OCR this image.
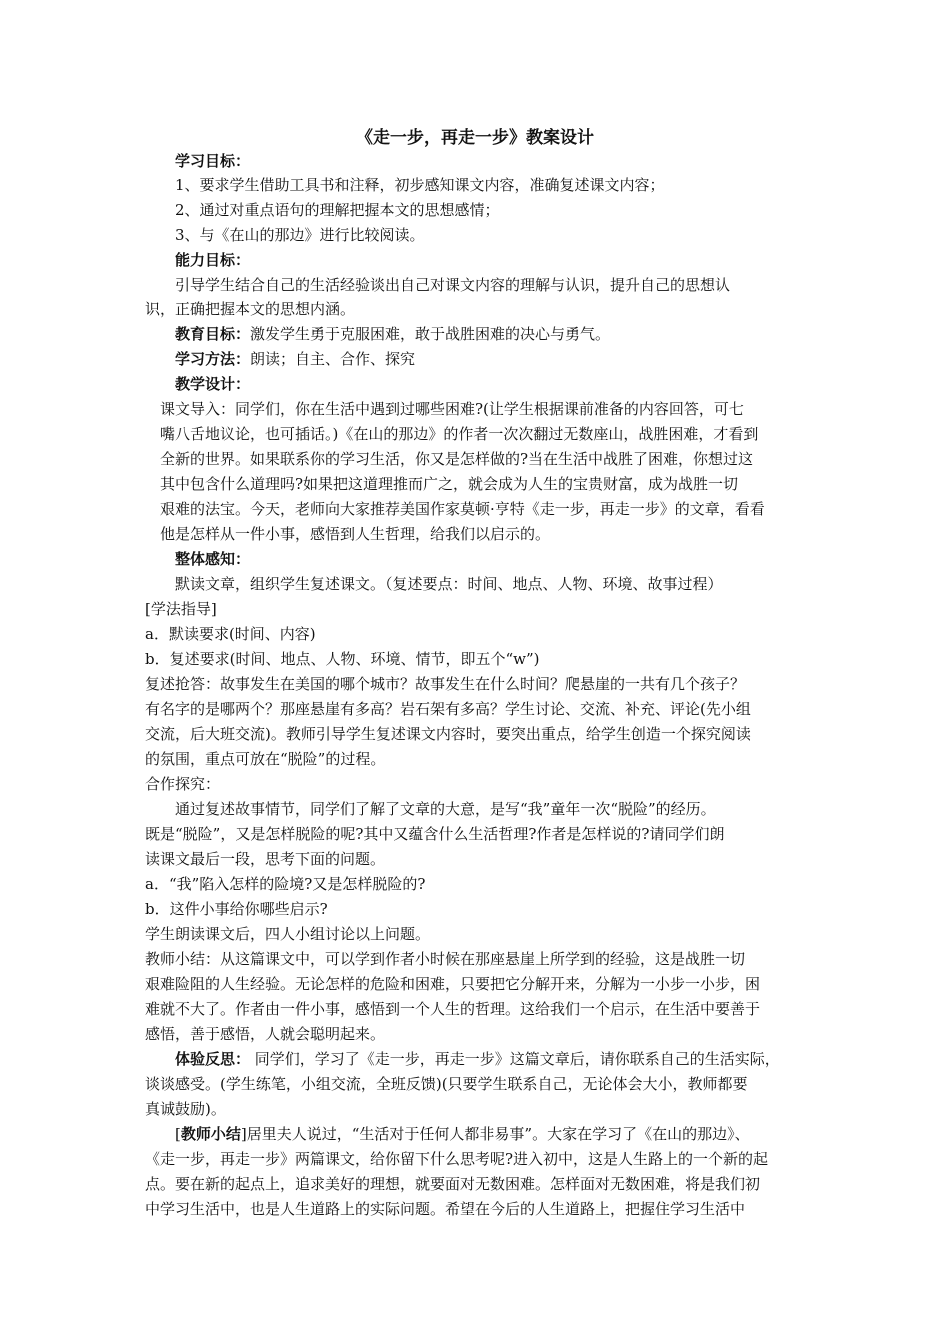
《走一步，再走一步》教案设计
学习目标：
1、要求学生借助工具书和注释，初步感知课文内容，准确复述课文内容；
2、通过对重点语句的理解把握本文的思想感情；
3、与《在山的那边》进行比较阅读。
能力目标：
引导学生结合自己的生活经验谈出自己对课文内容的理解与认识，提升自己的思想认
识，正确把握本文的思想内涵。
教育目标：激发学生勇于克服困难，敢于战胜困难的决心与勇气。
学习方法：朗读；自主、合作、探究
教学设计：
课文导入：同学们，你在生活中遇到过哪些困难?(让学生根据课前准备的内容回答，可七
嘴八舌地议论，也可插话。)《在山的那边》的作者一次次翻过无数座山，战胜困难，才看到
全新的世界。如果联系你的学习生活，你又是怎样做的?当在生活中战胜了困难，你想过这
其中包含什么道理吗?如果把这道理推而广之，就会成为人生的宝贵财富，成为战胜一切
艰难的法宝。今天，老师向大家推荐美国作家莫顿·亨特《走一步，再走一步》的文章，看看
他是怎样从一件小事，感悟到人生哲理，给我们以启示的。
整体感知：
默读文章，组织学生复述课文。（复述要点：时间、地点、人物、环境、故事过程）
[学法指导]
a．默读要求(时间、内容)
b．复述要求(时间、地点、人物、环境、情节，即五个“w”)
复述抢答：故事发生在美国的哪个城市？故事发生在什么时间？爬悬崖的一共有几个孩子？
有名字的是哪两个？那座悬崖有多高？岩石架有多高？学生讨论、交流、补充、评论(先小组
交流，后大班交流)。教师引导学生复述课文内容时，要突出重点，给学生创造一个探究阅读
的氛围，重点可放在“脱险”的过程。
合作探究：
通过复述故事情节，同学们了解了文章的大意，是写“我”童年一次“脱险”的经历。
既是“脱险”，又是怎样脱险的呢?其中又蕴含什么生活哲理?作者是怎样说的?请同学们朗
读课文最后一段，思考下面的问题。
a．“我”陷入怎样的险境?又是怎样脱险的?
b．这件小事给你哪些启示?
学生朗读课文后，四人小组讨论以上问题。
教师小结：从这篇课文中，可以学到作者小时候在那座悬崖上所学到的经验，这是战胜一切
艰难险阻的人生经验。无论怎样的危险和困难，只要把它分解开来，分解为一小步一小步，困
难就不大了。作者由一件小事，感悟到一个人生的哲理。这给我们一个启示，在生活中要善于
感悟，善于感悟，人就会聪明起来。
体验反思： 同学们，学习了《走一步，再走一步》这篇文章后，请你联系自己的生活实际，
谈谈感受。(学生练笔，小组交流，全班反馈)(只要学生联系自己，无论体会大小，教师都要
真诚鼓励)。
[教师小结]居里夫人说过，“生活对于任何人都非易事”。大家在学习了《在山的那边》、
《走一步，再走一步》两篇课文，给你留下什么思考呢?进入初中，这是人生路上的一个新的起
点。要在新的起点上，追求美好的理想，就要面对无数困难。怎样面对无数困难，将是我们初
中学习生活中，也是人生道路上的实际问题。希望在今后的人生道路上，把握住学习生活中
